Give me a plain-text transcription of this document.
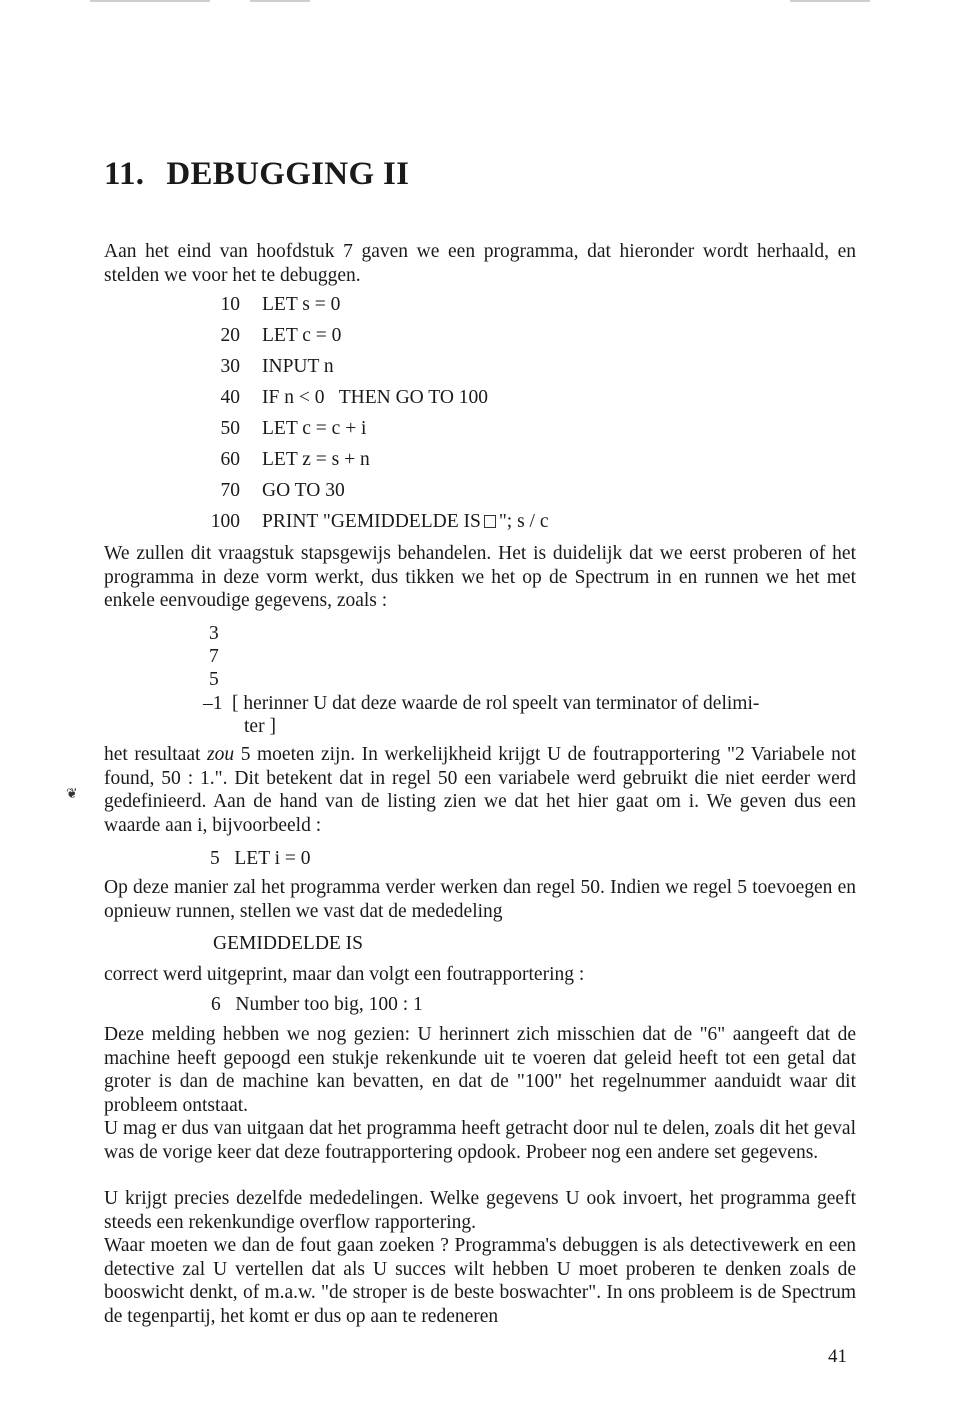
11. DEBUGGING II

Aan het eind van hoofdstuk 7 gaven we een programma, dat hieronder wordt herhaald, en stelden we voor het te debuggen.

10 LET s = 0
20 LET c = 0
30 INPUT n
40 IF n < 0   THEN GO TO 100
50 LET c = c + i
60 LET z = s + n
70 GO TO 30
100 PRINT "GEMIDDELDE IS "; s / c

We zullen dit vraagstuk stapsgewijs behandelen. Het is duidelijk dat we eerst proberen of het programma in deze vorm werkt, dus tikken we het op de Spectrum in en runnen we het met enkele eenvoudige gegevens, zoals :

3
7
5
–1 [ herinner U dat deze waarde de rol speelt van terminator of delimi-
ter ]
❦

het resultaat zou 5 moeten zijn. In werkelijkheid krijgt U de foutrapportering "2 Variabele not found, 50 : 1.". Dit betekent dat in regel 50 een variabele werd gebruikt die niet eerder werd gedefinieerd. Aan de hand van de listing zien we dat het hier gaat om i. We geven dus een waarde aan i, bijvoorbeeld :

5   LET i = 0

Op deze manier zal het programma verder werken dan regel 50. Indien we regel 5 toevoegen en opnieuw runnen, stellen we vast dat de mededeling

GEMIDDELDE IS

correct werd uitgeprint, maar dan volgt een foutrapportering :

6   Number too big, 100 : 1

Deze melding hebben we nog gezien: U herinnert zich misschien dat de "6" aangeeft dat de machine heeft gepoogd een stukje rekenkunde uit te voeren dat geleid heeft tot een getal dat groter is dan de machine kan bevatten, en dat de "100" het regelnummer aanduidt waar dit probleem ontstaat.

U mag er dus van uitgaan dat het programma heeft getracht door nul te delen, zoals dit het geval was de vorige keer dat deze foutrapportering opdook. Probeer nog een andere set gegevens.

U krijgt precies dezelfde mededelingen. Welke gegevens U ook invoert, het programma geeft steeds een rekenkundige overflow rapportering.

Waar moeten we dan de fout gaan zoeken ? Programma's debuggen is als detectivewerk en een detective zal U vertellen dat als U succes wilt hebben U moet proberen te denken zoals de booswicht denkt, of m.a.w. "de stroper is de beste boswachter". In ons probleem is de Spectrum de tegenpartij, het komt er dus op aan te redeneren

41
